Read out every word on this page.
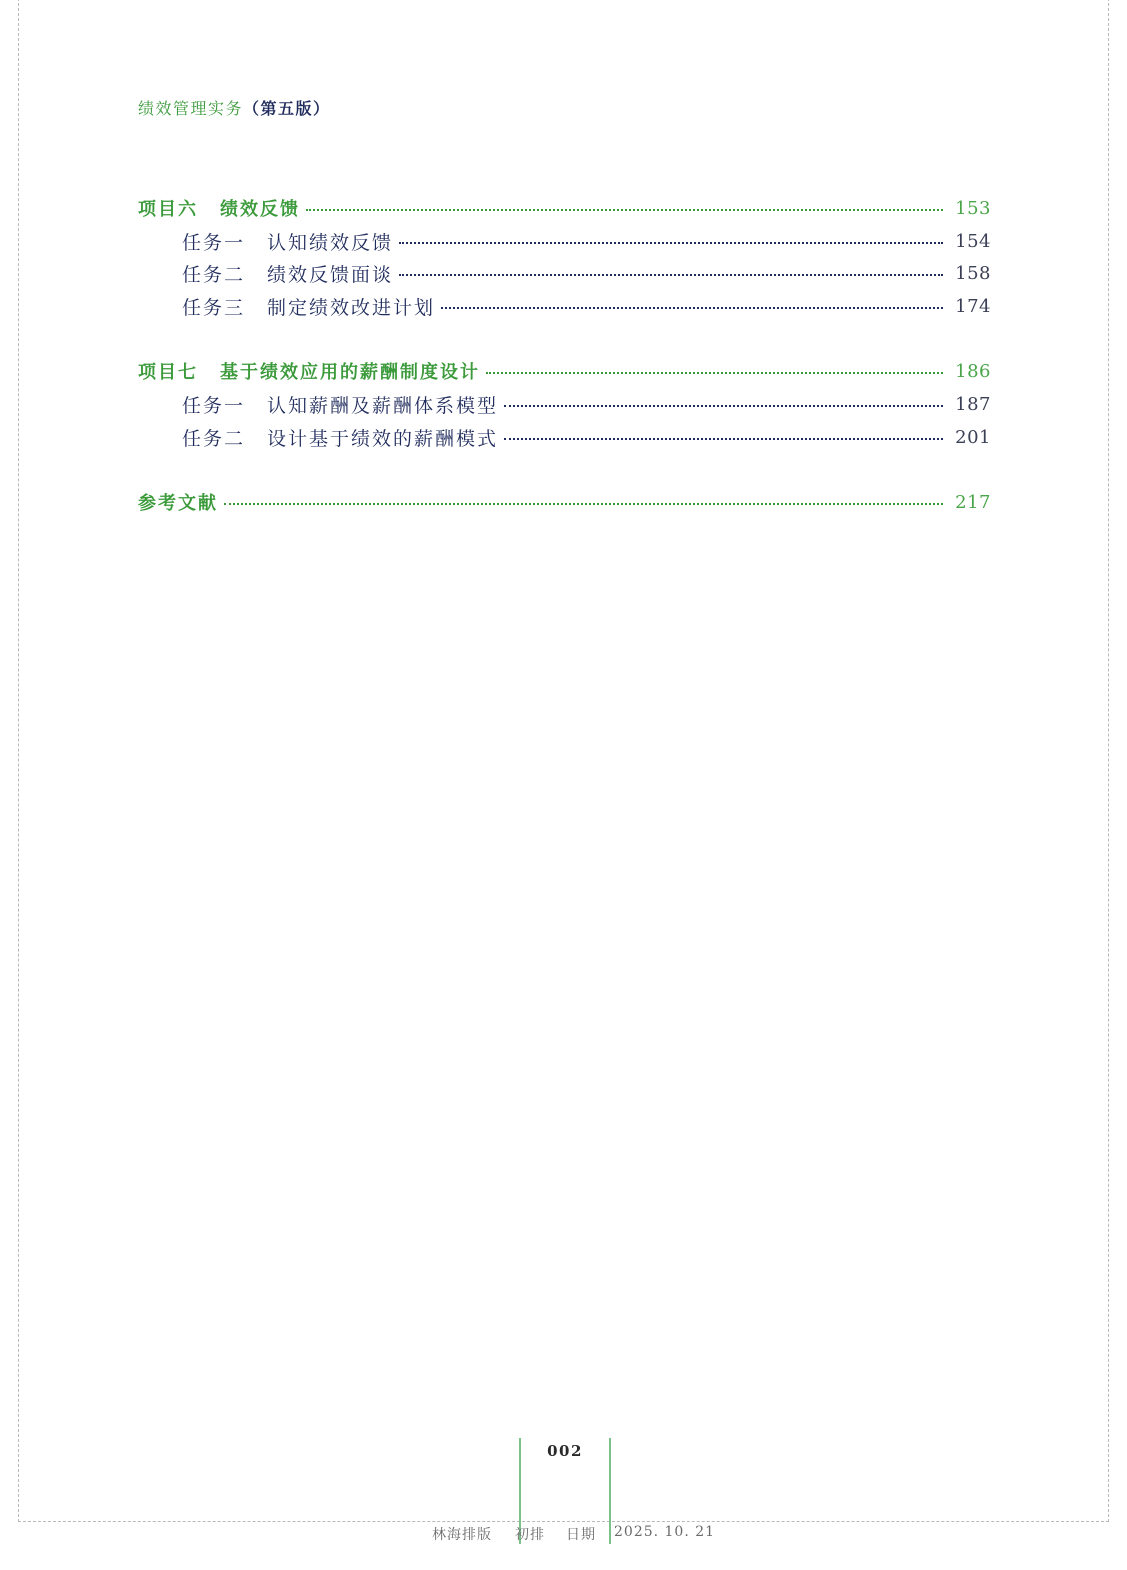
绩效管理实务（第五版）
项目六 绩效反馈	153
任务一 认知绩效反馈	154
任务二 绩效反馈面谈	158
任务三 制定绩效改进计划	174
项目七 基于绩效应用的薪酬制度设计	186
任务一 认知薪酬及薪酬体系模型	187
任务二 设计基于绩效的薪酬模式	201
参考文献	217
002
林海排版 初排 日期 2025. 10. 21
